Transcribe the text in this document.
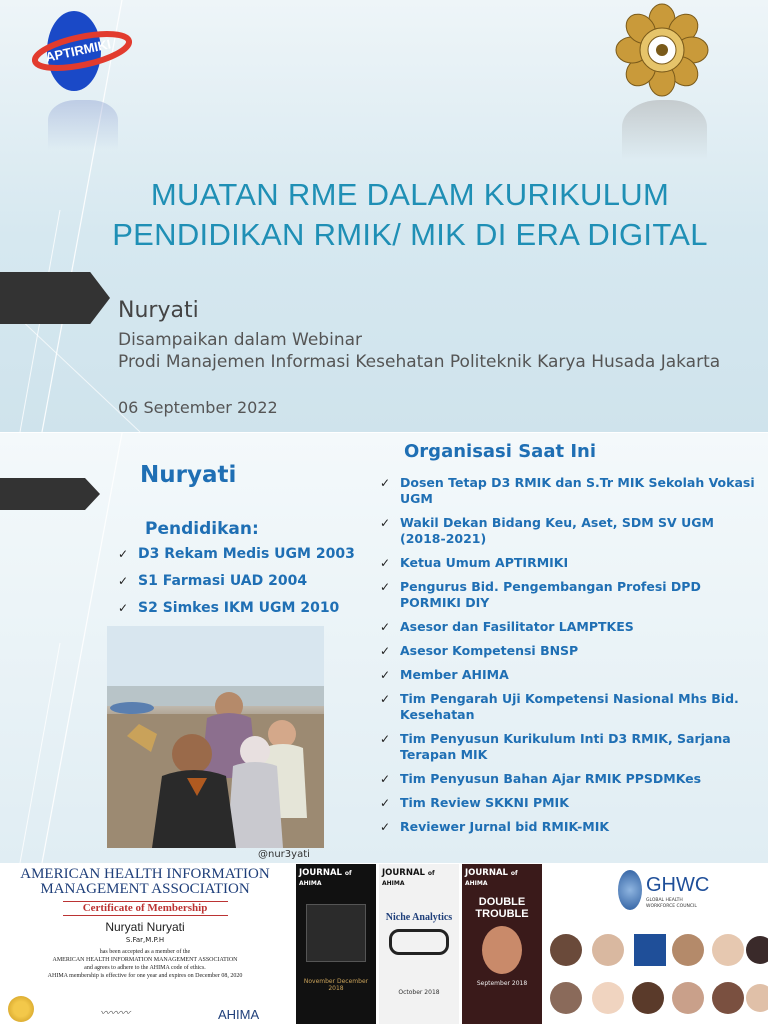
APTIRMIKI
MUATAN RME DALAM KURIKULUM
PENDIDIKAN RMIK/ MIK DI ERA DIGITAL
Nuryati
Disampaikan dalam Webinar
Prodi Manajemen Informasi Kesehatan Politeknik Karya Husada Jakarta
06 September 2022
Nuryati
Pendidikan:
✓ D3 Rekam Medis UGM 2003
✓ S1 Farmasi UAD 2004
✓ S2 Simkes IKM UGM 2010
@nur3yati
Organisasi Saat Ini
✓ Dosen Tetap D3 RMIK dan S.Tr MIK Sekolah Vokasi UGM
✓ Wakil Dekan Bidang Keu, Aset, SDM SV UGM (2018-2021)
✓ Ketua Umum APTIRMIKI
✓ Pengurus Bid. Pengembangan Profesi DPD PORMIKI DIY
✓ Asesor dan Fasilitator LAMPTKES
✓ Asesor Kompetensi BNSP
✓ Member AHIMA
✓ Tim Pengarah Uji Kompetensi Nasional Mhs Bid. Kesehatan
✓ Tim Penyusun Kurikulum Inti D3 RMIK, Sarjana Terapan MIK
✓ Tim Penyusun Bahan Ajar RMIK PPSDMKes
✓ Tim Review SKKNI PMIK
✓ Reviewer Jurnal bid RMIK-MIK
AMERICAN HEALTH INFORMATION
MANAGEMENT ASSOCIATION
Certificate of Membership
Nuryati Nuryati
S.Far,M.P.H
has been accepted as a member of the
AMERICAN HEALTH INFORMATION MANAGEMENT ASSOCIATION
and agrees to adhere to the AHIMA code of ethics.
AHIMA membership is effective for one year and expires on December 08, 2020
〰〰〰	AHIMA
JOURNAL of AHIMA
November December 2018
JOURNAL of AHIMA
Niche Analytics
October 2018
JOURNAL of AHIMA
DOUBLE TROUBLE
September 2018
GHWC
GLOBAL HEALTH
WORKFORCE COUNCIL
